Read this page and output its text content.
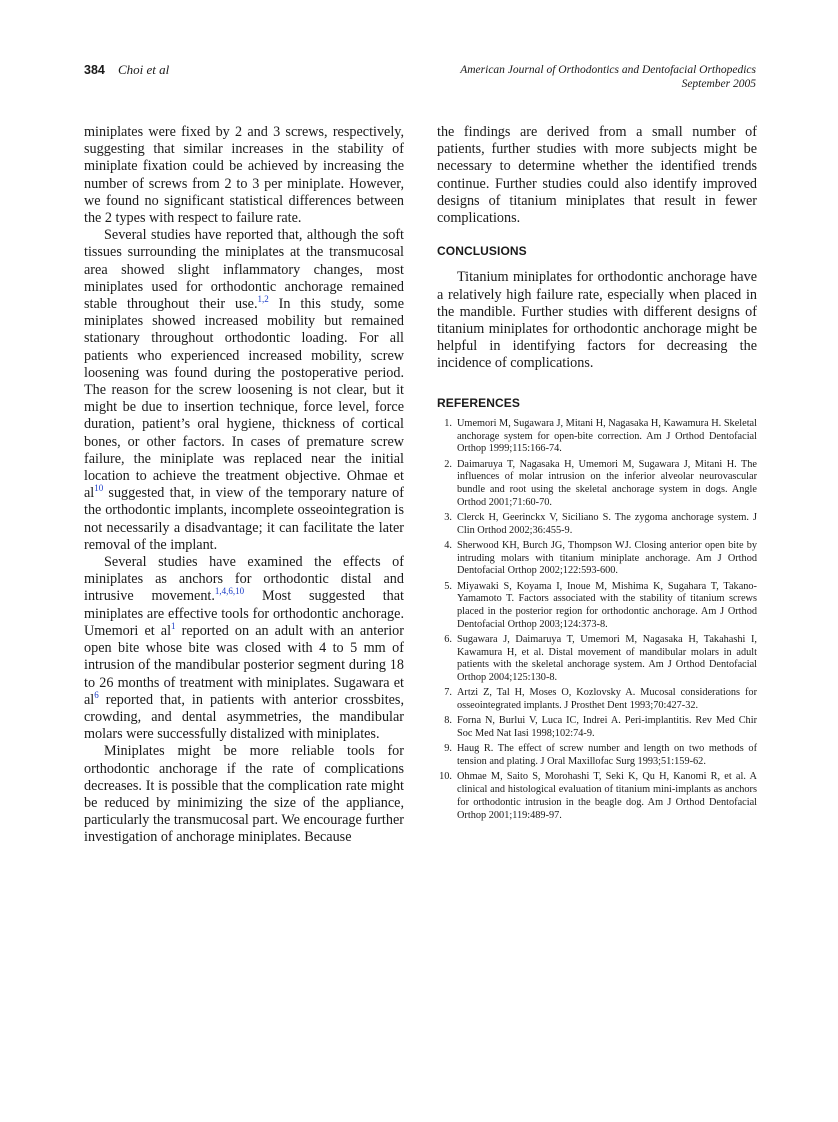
384 Choi et al	American Journal of Orthodontics and Dentofacial Orthopedics
September 2005

miniplates were fixed by 2 and 3 screws, respectively, suggesting that similar increases in the stability of miniplate fixation could be achieved by increasing the number of screws from 2 to 3 per miniplate. However, we found no significant statistical differences between the 2 types with respect to failure rate.

Several studies have reported that, although the soft tissues surrounding the miniplates at the transmucosal area showed slight inflammatory changes, most miniplates used for orthodontic anchorage remained stable throughout their use.$^{1,2}$ In this study, some miniplates showed increased mobility but remained stationary throughout orthodontic loading. For all patients who experienced increased mobility, screw loosening was found during the postoperative period. The reason for the screw loosening is not clear, but it might be due to insertion technique, force level, force duration, patient’s oral hygiene, thickness of cortical bones, or other factors. In cases of premature screw failure, the miniplate was replaced near the initial location to achieve the treatment objective. Ohmae et $al^{10}$ suggested that, in view of the temporary nature of the orthodontic implants, incomplete osseointegration is not necessarily a disadvantage; it can facilitate the later removal of the implant.

Several studies have examined the effects of miniplates as anchors for orthodontic distal and intrusive movement.$^{1,4,6,10}$ Most suggested that miniplates are effective tools for orthodontic anchorage. Umemori et $al^1$ reported on an adult with an anterior open bite whose bite was closed with 4 to 5 mm of intrusion of the mandibular posterior segment during 18 to 26 months of treatment with miniplates. Sugawara et $al^6$ reported that, in patients with anterior crossbites, crowding, and dental asymmetries, the mandibular molars were successfully distalized with miniplates.

Miniplates might be more reliable tools for orthodontic anchorage if the rate of complications decreases. It is possible that the complication rate might be reduced by minimizing the size of the appliance, particularly the transmucosal part. We encourage further investigation of anchorage miniplates. Because

the findings are derived from a small number of patients, further studies with more subjects might be necessary to determine whether the identified trends continue. Further studies could also identify improved designs of titanium miniplates that result in fewer complications.

CONCLUSIONS

Titanium miniplates for orthodontic anchorage have a relatively high failure rate, especially when placed in the mandible. Further studies with different designs of titanium miniplates for orthodontic anchorage might be helpful in identifying factors for decreasing the incidence of complications.

REFERENCES
1. Umemori M, Sugawara J, Mitani H, Nagasaka H, Kawamura H. Skeletal anchorage system for open-bite correction. Am J Orthod Dentofacial Orthop 1999;115:166-74.
2. Daimaruya T, Nagasaka H, Umemori M, Sugawara J, Mitani H. The influences of molar intrusion on the inferior alveolar neurovascular bundle and root using the skeletal anchorage system in dogs. Angle Orthod 2001;71:60-70.
3. Clerck H, Geerinckx V, Siciliano S. The zygoma anchorage system. J Clin Orthod 2002;36:455-9.
4. Sherwood KH, Burch JG, Thompson WJ. Closing anterior open bite by intruding molars with titanium miniplate anchorage. Am J Orthod Dentofacial Orthop 2002;122:593-600.
5. Miyawaki S, Koyama I, Inoue M, Mishima K, Sugahara T, Takano-Yamamoto T. Factors associated with the stability of titanium screws placed in the posterior region for orthodontic anchorage. Am J Orthod Dentofacial Orthop 2003;124:373-8.
6. Sugawara J, Daimaruya T, Umemori M, Nagasaka H, Takahashi I, Kawamura H, et al. Distal movement of mandibular molars in adult patients with the skeletal anchorage system. Am J Orthod Dentofacial Orthop 2004;125:130-8.
7. Artzi Z, Tal H, Moses O, Kozlovsky A. Mucosal considerations for osseointegrated implants. J Prosthet Dent 1993;70:427-32.
8. Forna N, Burlui V, Luca IC, Indrei A. Peri-implantitis. Rev Med Chir Soc Med Nat Iasi 1998;102:74-9.
9. Haug R. The effect of screw number and length on two methods of tension and plating. J Oral Maxillofac Surg 1993;51:159-62.
10. Ohmae M, Saito S, Morohashi T, Seki K, Qu H, Kanomi R, et al. A clinical and histological evaluation of titanium mini-implants as anchors for orthodontic intrusion in the beagle dog. Am J Orthod Dentofacial Orthop 2001;119:489-97.
